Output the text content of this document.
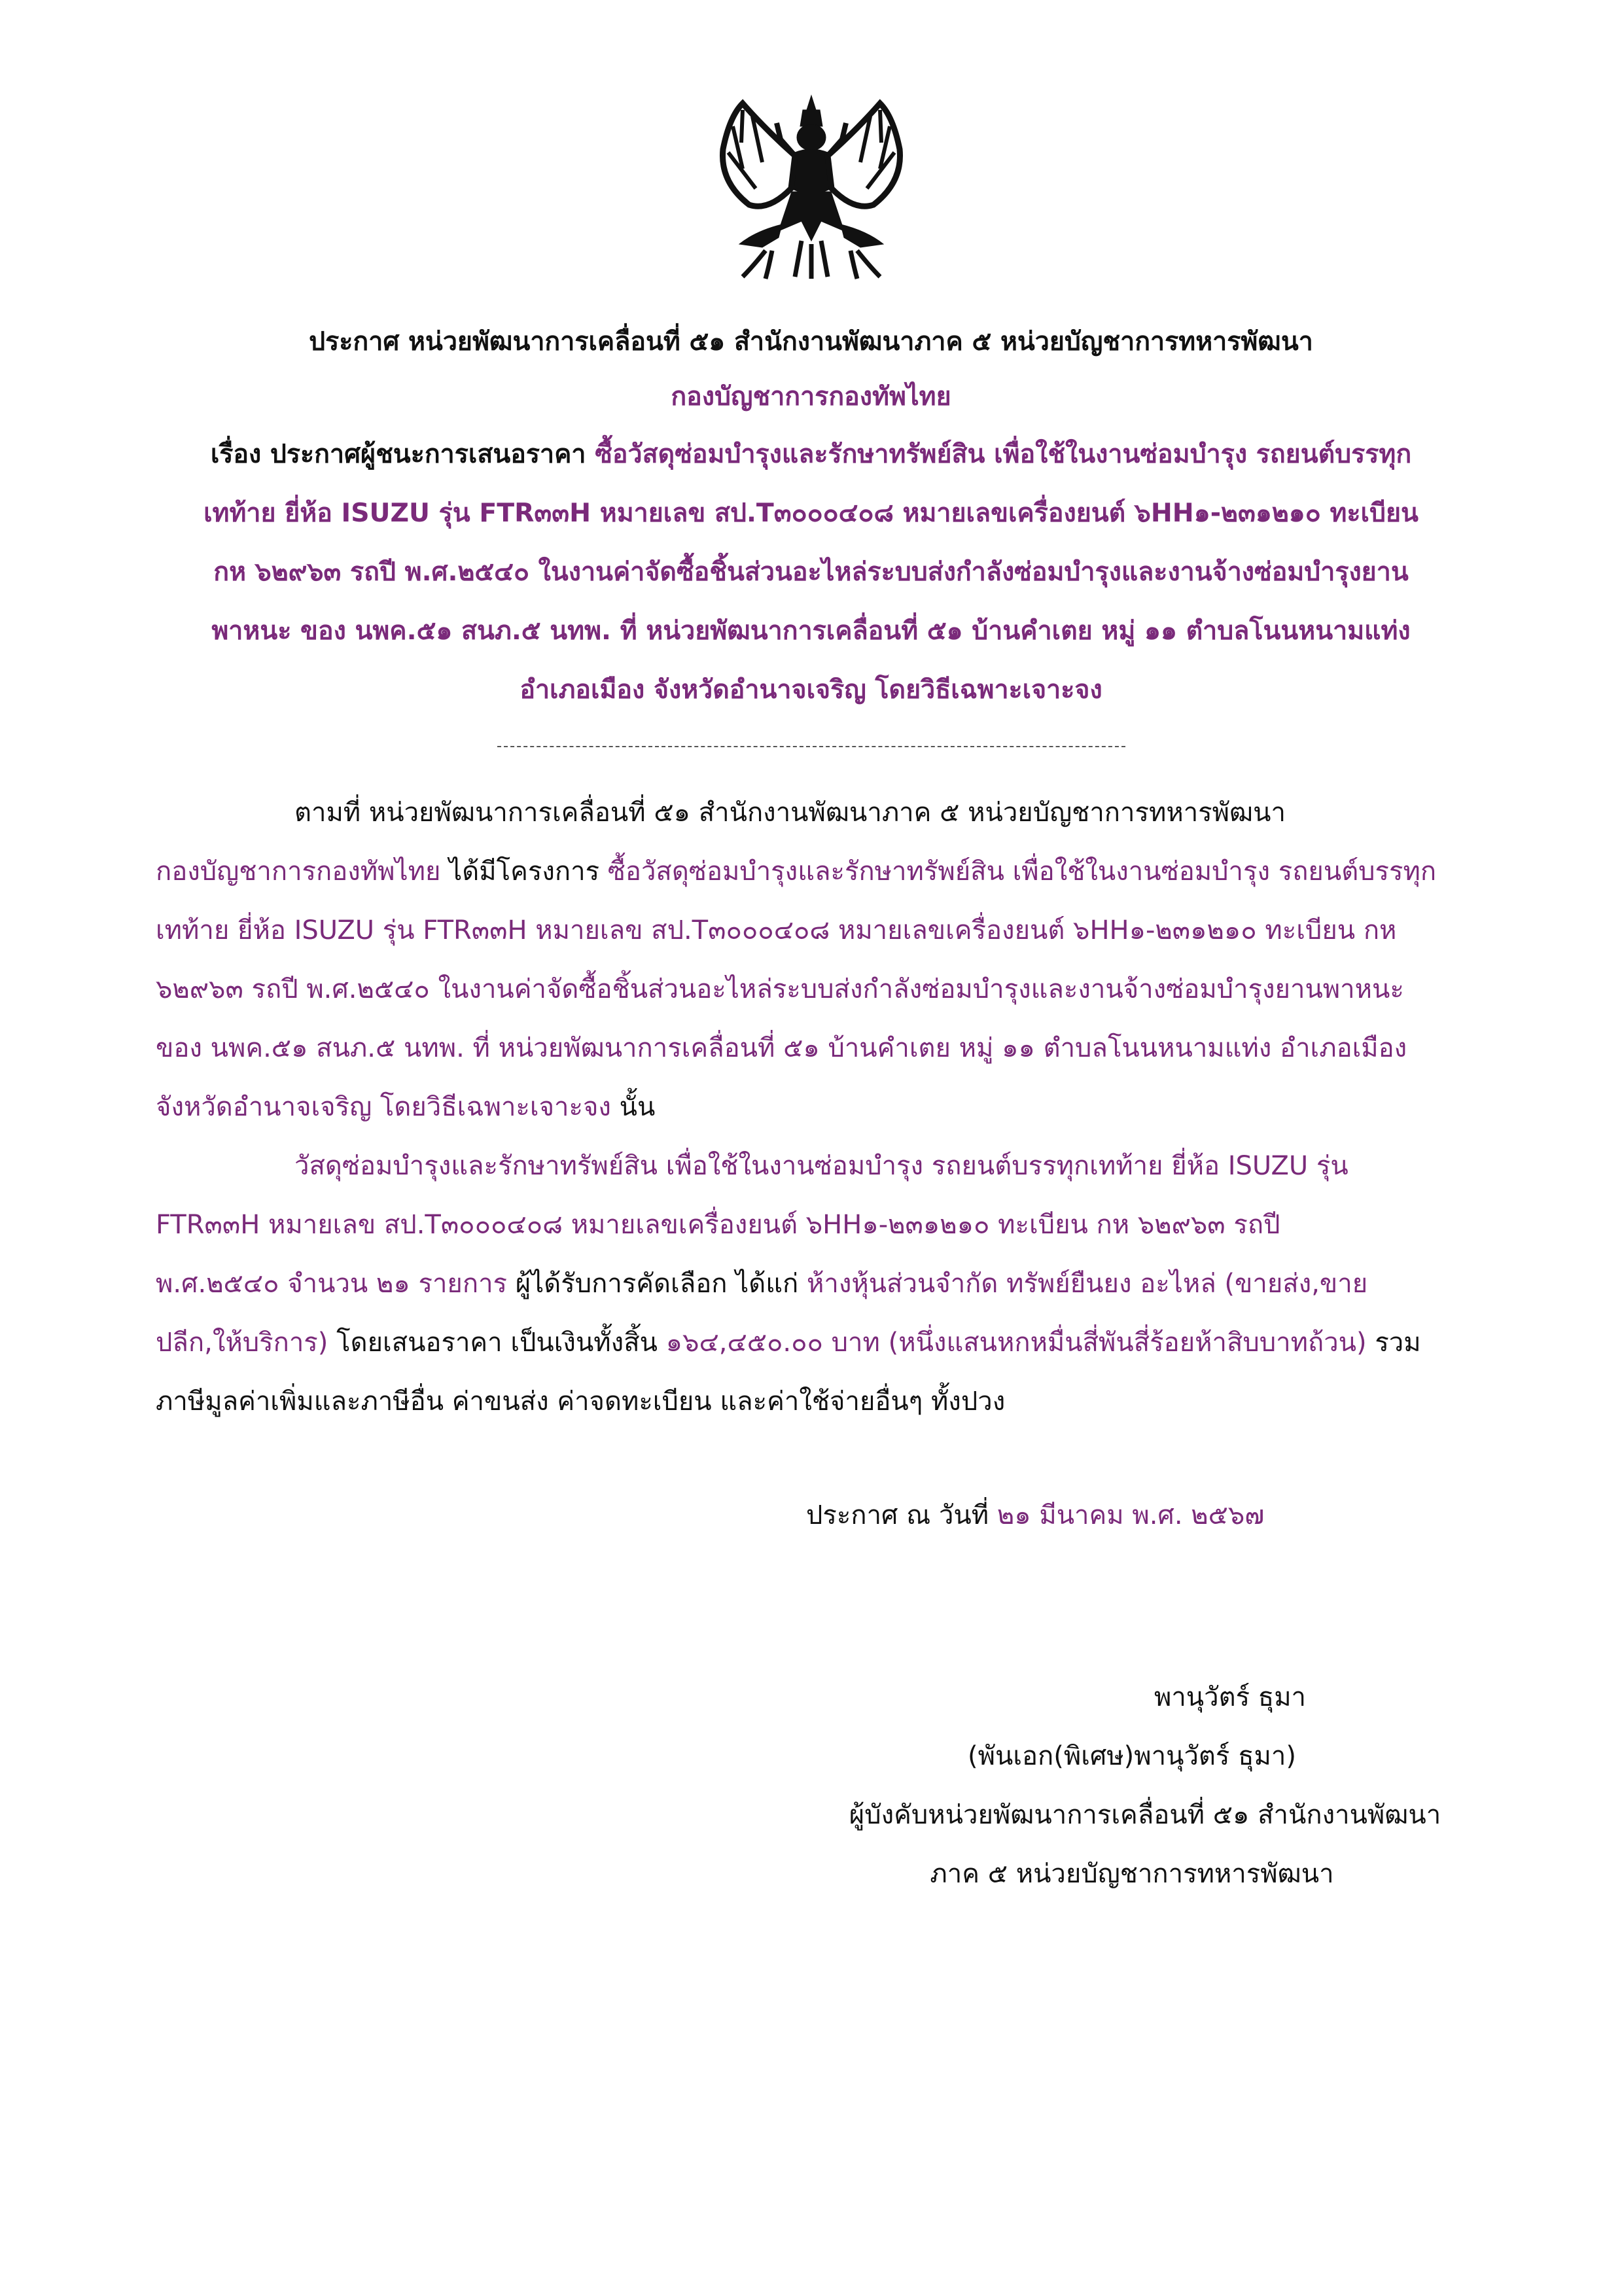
ประกาศ หน่วยพัฒนาการเคลื่อนที่ ๕๑ สำนักงานพัฒนาภาค ๕ หน่วยบัญชาการทหารพัฒนา
กองบัญชาการกองทัพไทย
เรื่อง ประกาศผู้ชนะการเสนอราคา ซื้อวัสดุซ่อมบำรุงและรักษาทรัพย์สิน เพื่อใช้ในงานซ่อมบำรุง รถยนต์บรรทุก
เทท้าย ยี่ห้อ ISUZU รุ่น FTR๓๓H หมายเลข สป.T๓๐๐๐๔๐๘ หมายเลขเครื่องยนต์ ๖HH๑-๒๓๑๒๑๐ ทะเบียน
กห ๖๒๙๖๓ รถปี พ.ศ.๒๕๔๐ ในงานค่าจัดซื้อชิ้นส่วนอะไหล่ระบบส่งกำลังซ่อมบำรุงและงานจ้างซ่อมบำรุงยาน
พาหนะ ของ นพค.๕๑ สนภ.๕ นทพ. ที่ หน่วยพัฒนาการเคลื่อนที่ ๕๑ บ้านคำเตย หมู่ ๑๑ ตำบลโนนหนามแท่ง
อำเภอเมือง จังหวัดอำนาจเจริญ โดยวิธีเฉพาะเจาะจง
ตามที่ หน่วยพัฒนาการเคลื่อนที่ ๕๑ สำนักงานพัฒนาภาค ๕ หน่วยบัญชาการทหารพัฒนา
กองบัญชาการกองทัพไทย ได้มีโครงการ ซื้อวัสดุซ่อมบำรุงและรักษาทรัพย์สิน เพื่อใช้ในงานซ่อมบำรุง รถยนต์บรรทุก
เทท้าย ยี่ห้อ ISUZU รุ่น FTR๓๓H หมายเลข สป.T๓๐๐๐๔๐๘ หมายเลขเครื่องยนต์ ๖HH๑-๒๓๑๒๑๐ ทะเบียน กห
๖๒๙๖๓ รถปี พ.ศ.๒๕๔๐ ในงานค่าจัดซื้อชิ้นส่วนอะไหล่ระบบส่งกำลังซ่อมบำรุงและงานจ้างซ่อมบำรุงยานพาหนะ
ของ นพค.๕๑ สนภ.๕ นทพ. ที่ หน่วยพัฒนาการเคลื่อนที่ ๕๑ บ้านคำเตย หมู่ ๑๑ ตำบลโนนหนามแท่ง อำเภอเมือง
จังหวัดอำนาจเจริญ โดยวิธีเฉพาะเจาะจง นั้น
วัสดุซ่อมบำรุงและรักษาทรัพย์สิน เพื่อใช้ในงานซ่อมบำรุง รถยนต์บรรทุกเทท้าย ยี่ห้อ ISUZU รุ่น
FTR๓๓H หมายเลข สป.T๓๐๐๐๔๐๘ หมายเลขเครื่องยนต์ ๖HH๑-๒๓๑๒๑๐ ทะเบียน กห ๖๒๙๖๓ รถปี
พ.ศ.๒๕๔๐ จำนวน ๒๑ รายการ ผู้ได้รับการคัดเลือก ได้แก่ ห้างหุ้นส่วนจำกัด ทรัพย์ยืนยง อะไหล่ (ขายส่ง,ขาย
ปลีก,ให้บริการ) โดยเสนอราคา เป็นเงินทั้งสิ้น ๑๖๔,๔๕๐.๐๐ บาท (หนึ่งแสนหกหมื่นสี่พันสี่ร้อยห้าสิบบาทถ้วน) รวม
ภาษีมูลค่าเพิ่มและภาษีอื่น ค่าขนส่ง ค่าจดทะเบียน และค่าใช้จ่ายอื่นๆ ทั้งปวง
ประกาศ ณ วันที่ ๒๑ มีนาคม พ.ศ. ๒๕๖๗
พานุวัตร์ ธุมา
(พันเอก(พิเศษ)พานุวัตร์ ธุมา)
ผู้บังคับหน่วยพัฒนาการเคลื่อนที่ ๕๑ สำนักงานพัฒนา
ภาค ๕ หน่วยบัญชาการทหารพัฒนา
